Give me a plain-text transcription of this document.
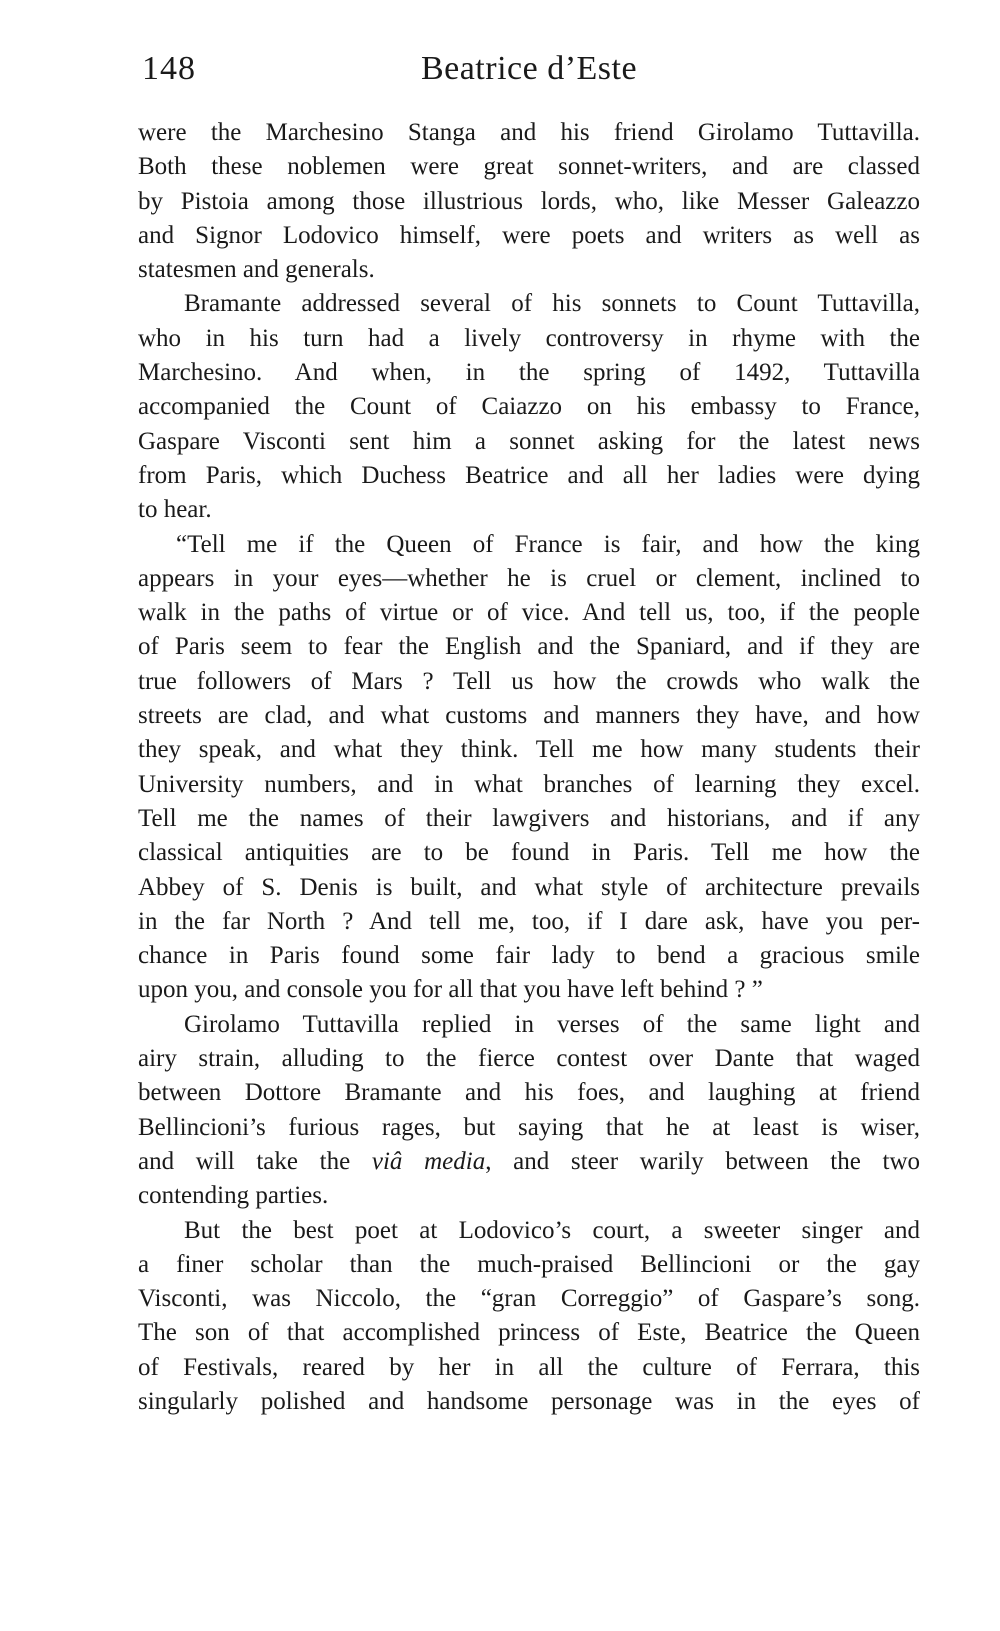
148	Beatrice d’Este
were the Marchesino Stanga and his friend Girolamo Tuttavilla.
Both these noblemen were great sonnet-writers, and are classed
by Pistoia among those illustrious lords, who, like Messer Galeazzo
and Signor Lodovico himself, were poets and writers as well as
statesmen and generals.
Bramante addressed several of his sonnets to Count Tuttavilla,
who in his turn had a lively controversy in rhyme with the
Marchesino. And when, in the spring of 1492, Tuttavilla
accompanied the Count of Caiazzo on his embassy to France,
Gaspare Visconti sent him a sonnet asking for the latest news
from Paris, which Duchess Beatrice and all her ladies were dying
to hear.
“Tell me if the Queen of France is fair, and how the king
appears in your eyes—whether he is cruel or clement, inclined to
walk in the paths of virtue or of vice. And tell us, too, if the people
of Paris seem to fear the English and the Spaniard, and if they are
true followers of Mars ? Tell us how the crowds who walk the
streets are clad, and what customs and manners they have, and how
they speak, and what they think. Tell me how many students their
University numbers, and in what branches of learning they excel.
Tell me the names of their lawgivers and historians, and if any
classical antiquities are to be found in Paris. Tell me how the
Abbey of S. Denis is built, and what style of architecture prevails
in the far North ? And tell me, too, if I dare ask, have you per-
chance in Paris found some fair lady to bend a gracious smile
upon you, and console you for all that you have left behind ? ”
Girolamo Tuttavilla replied in verses of the same light and
airy strain, alluding to the fierce contest over Dante that waged
between Dottore Bramante and his foes, and laughing at friend
Bellincioni’s furious rages, but saying that he at least is wiser,
and will take the viâ media, and steer warily between the two
contending parties.
But the best poet at Lodovico’s court, a sweeter singer and
a finer scholar than the much-praised Bellincioni or the gay
Visconti, was Niccolo, the “gran Correggio” of Gaspare’s song.
The son of that accomplished princess of Este, Beatrice the Queen
of Festivals, reared by her in all the culture of Ferrara, this
singularly polished and handsome personage was in the eyes of
